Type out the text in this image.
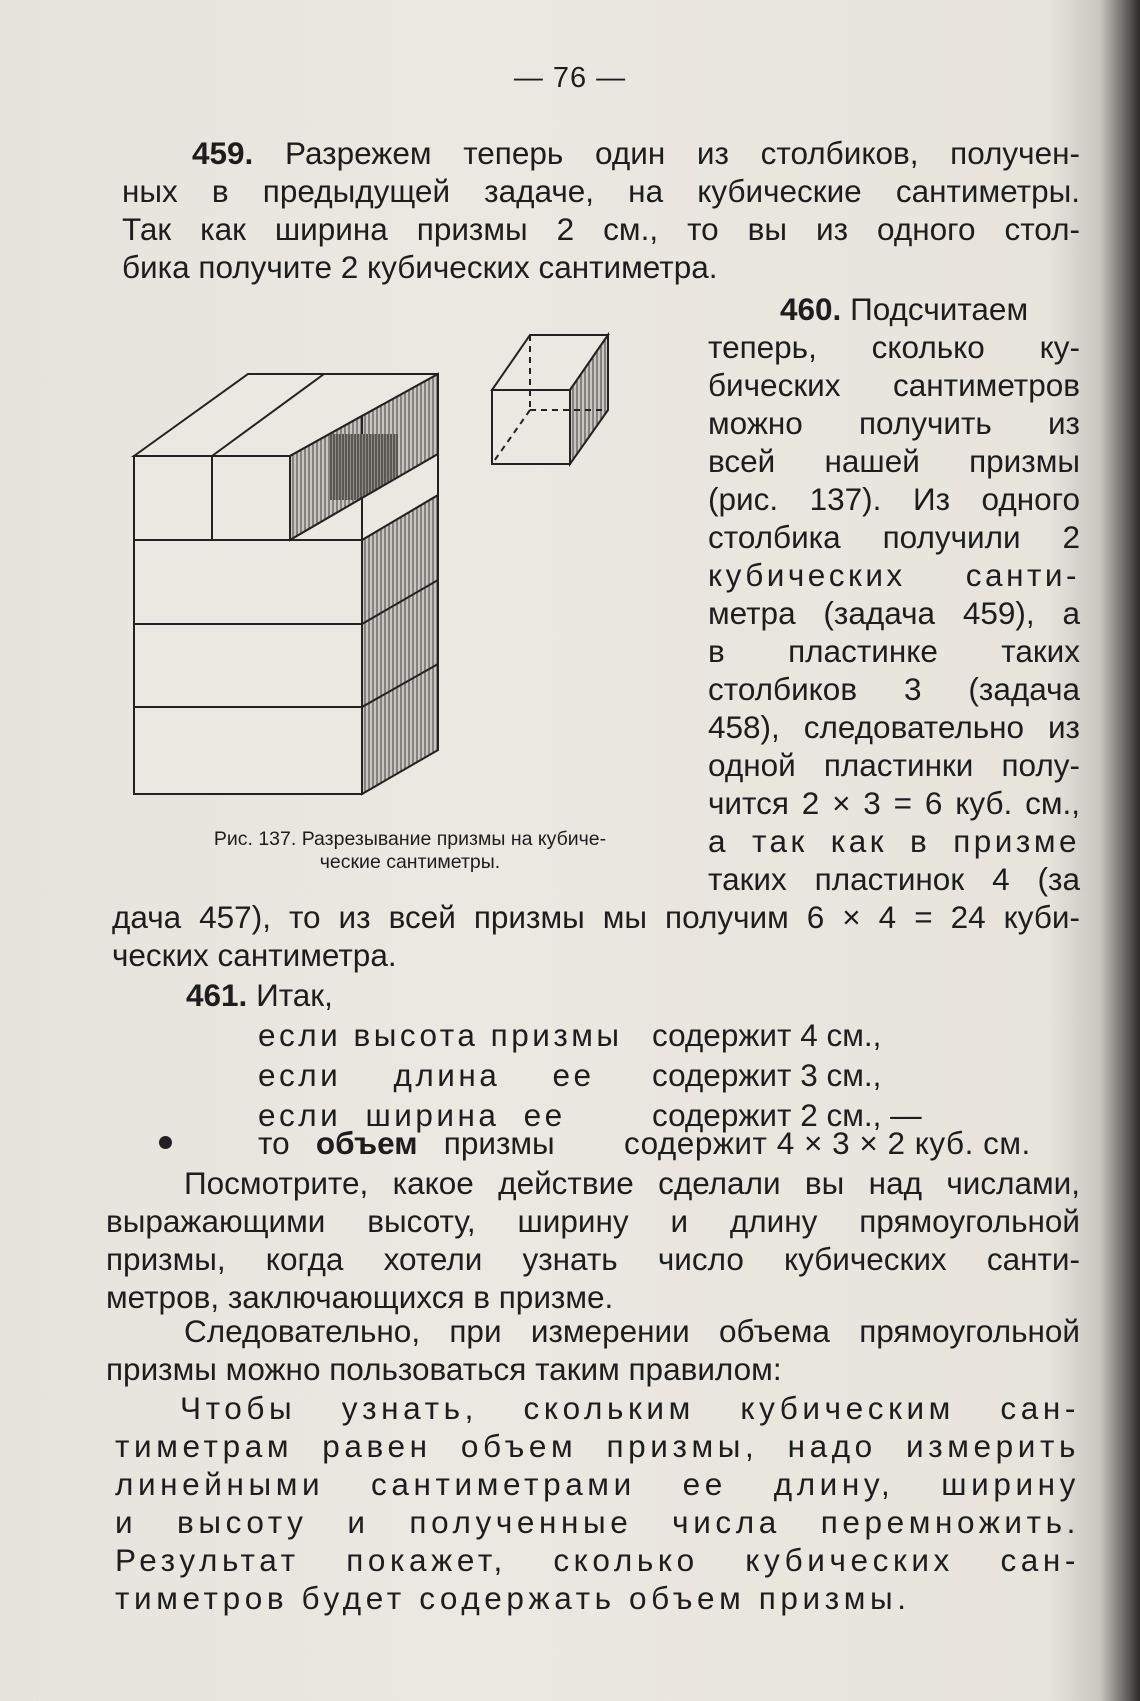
— 76 —
459. Разрежем теперь один из столбиков, получен-
ных в предыдущей задаче, на кубические сантиметры.
Так как ширина призмы 2 см., то вы из одного стол-
бика получите 2 кубических сантиметра.
Рис. 137. Разрезывание призмы на кубиче-
ческие сантиметры.
460. Подсчитаем
теперь, сколько ку-
бических сантиметров
можно получить из
всей нашей призмы
(рис. 137). Из одного
столбика получили 2
кубических санти-
метра (задача 459), а
в пластинке таких
столбиков 3 (задача
458), следовательно из
одной пластинки полу-
чится 2 × 3 = 6 куб. см.,
а так как в призме
таких пластинок 4 (за
дача 457), то из всей призмы мы получим 6 × 4 = 24 куби-
ческих сантиметра.
461. Итак,
если высота призмы содержит 4 см.,
если длина ее содержит 3 см.,
если ширина ее	содержит 2 см., —
то объем призмы содержит 4 × 3 × 2 куб. см.
Посмотрите, какое действие сделали вы над числами,
выражающими высоту, ширину и длину прямоугольной
призмы, когда хотели узнать число кубических санти-
метров, заключающихся в призме.
Следовательно, при измерении объема прямоугольной
призмы можно пользоваться таким правилом:
Чтобы узнать, скольким кубическим сан-
тиметрам равен объем призмы, надо измерить
линейными сантиметрами ее длину, ширину
и высоту и полученные числа перемножить.
Результат покажет, сколько кубических сан-
тиметров будет содержать объем призмы.
